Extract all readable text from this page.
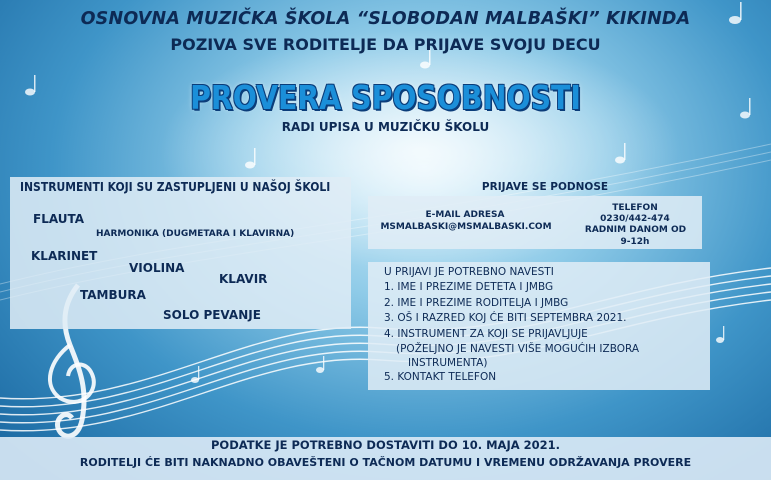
OSNOVNA MUZIČKA ŠKOLA “SLOBODAN MALBAŠKI” KIKINDA
POZIVA SVE RODITELJE DA PRIJAVE SVOJU DECU
PROVERA SPOSOBNOSTI
RADI UPISA U MUZIČKU ŠKOLU
INSTRUMENTI KOJI SU ZASTUPLJENI U NAŠOJ ŠKOLI
FLAUTA
HARMONIKA (DUGMETARA I KLAVIRNA)
KLARINET
VIOLINA
KLAVIR
TAMBURA
SOLO PEVANJE
PRIJAVE SE PODNOSE
E-MAIL ADRESA
MSMALBASKI@MSMALBASKI.COM
TELEFON
0230/442-474
RADNIM DANOM OD
9-12h
U PRIJAVI JE POTREBNO NAVESTI
1. IME I PREZIME DETETA I JMBG
2. IME I PREZIME RODITELJA I JMBG
3. OŠ I RAZRED KOJ ĆE BITI SEPTEMBRA 2021.
4. INSTRUMENT ZA KOJI SE PRIJAVLJUJE
(POŽELJNO JE NAVESTI VIŠE MOGUĆIH IZBORA
INSTRUMENTA)
5. KONTAKT TELEFON
PODATKE JE POTREBNO DOSTAVITI DO 10. MAJA 2021.
RODITELJI ĆE BITI NAKNADNO OBAVEŠTENI O TAČNOM DATUMU I VREMENU ODRŽAVANJA PROVERE
